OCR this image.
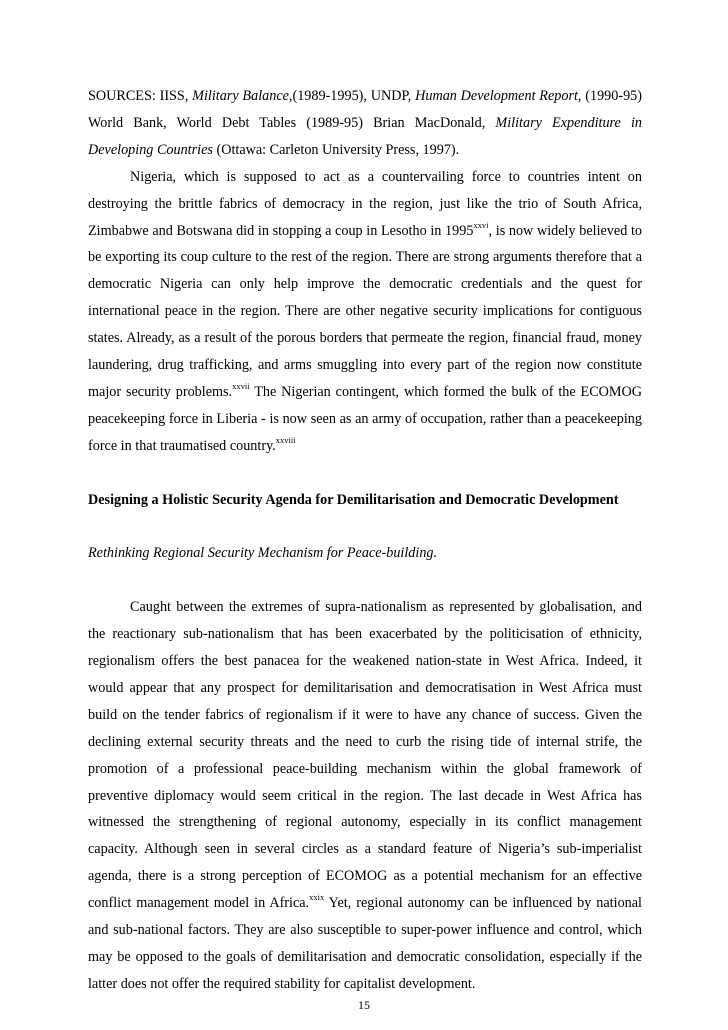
SOURCES: IISS, Military Balance,(1989-1995), UNDP, Human Development Report, (1990-95) World Bank, World Debt Tables (1989-95) Brian MacDonald, Military Expenditure in Developing Countries (Ottawa: Carleton University Press, 1997).

Nigeria, which is supposed to act as a countervailing force to countries intent on destroying the brittle fabrics of democracy in the region, just like the trio of South Africa, Zimbabwe and Botswana did in stopping a coup in Lesotho in 1995$^{xxvi}$, is now widely believed to be exporting its coup culture to the rest of the region. There are strong arguments therefore that a democratic Nigeria can only help improve the democratic credentials and the quest for international peace in the region. There are other negative security implications for contiguous states. Already, as a result of the porous borders that permeate the region, financial fraud, money laundering, drug trafficking, and arms smuggling into every part of the region now constitute major security problems.$^{xxvii}$ The Nigerian contingent, which formed the bulk of the ECOMOG peacekeeping force in Liberia - is now seen as an army of occupation, rather than a peacekeeping force in that traumatised country.$^{xxviii}$

Designing a Holistic Security Agenda for Demilitarisation and Democratic Development

Rethinking Regional Security Mechanism for Peace-building.

Caught between the extremes of supra-nationalism as represented by globalisation, and the reactionary sub-nationalism that has been exacerbated by the politicisation of ethnicity, regionalism offers the best panacea for the weakened nation-state in West Africa. Indeed, it would appear that any prospect for demilitarisation and democratisation in West Africa must build on the tender fabrics of regionalism if it were to have any chance of success. Given the declining external security threats and the need to curb the rising tide of internal strife, the promotion of a professional peace-building mechanism within the global framework of preventive diplomacy would seem critical in the region. The last decade in West Africa has witnessed the strengthening of regional autonomy, especially in its conflict management capacity. Although seen in several circles as a standard feature of Nigeria’s sub-imperialist agenda, there is a strong perception of ECOMOG as a potential mechanism for an effective conflict management model in Africa.$^{xxix}$ Yet, regional autonomy can be influenced by national and sub-national factors. They are also susceptible to super-power influence and control, which may be opposed to the goals of demilitarisation and democratic consolidation, especially if the latter does not offer the required stability for capitalist development.

15
